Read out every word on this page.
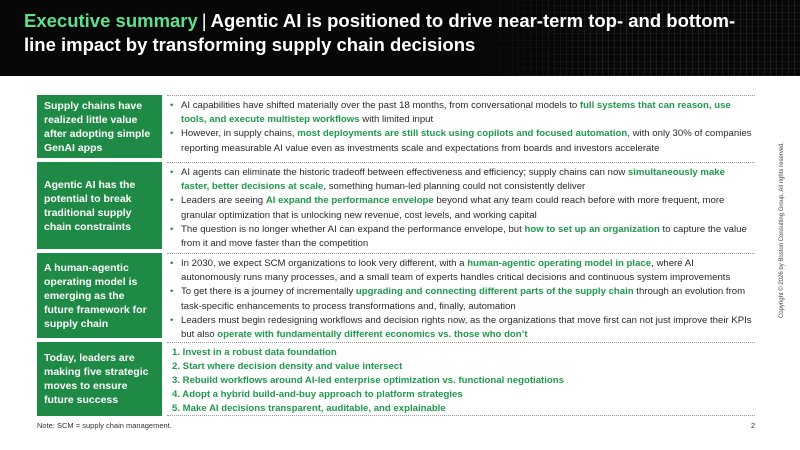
Executive summary | Agentic AI is positioned to drive near-term top- and bottom-line impact by transforming supply chain decisions
Supply chains have realized little value after adopting simple GenAI apps
• AI capabilities have shifted materially over the past 18 months, from conversational models to full systems that can reason, use tools, and execute multistep workflows with limited input
• However, in supply chains, most deployments are still stuck using copilots and focused automation, with only 30% of companies reporting measurable AI value even as investments scale and expectations from boards and investors accelerate
Agentic AI has the potential to break traditional supply chain constraints
• AI agents can eliminate the historic tradeoff between effectiveness and efficiency; supply chains can now simultaneously make faster, better decisions at scale, something human-led planning could not consistently deliver
• Leaders are seeing AI expand the performance envelope beyond what any team could reach before with more frequent, more granular optimization that is unlocking new revenue, cost levels, and working capital
• The question is no longer whether AI can expand the performance envelope, but how to set up an organization to capture the value from it and move faster than the competition
A human-agentic operating model is emerging as the future framework for supply chain
• In 2030, we expect SCM organizations to look very different, with a human-agentic operating model in place, where AI autonomously runs many processes, and a small team of experts handles critical decisions and continuous system improvements
• To get there is a journey of incrementally upgrading and connecting different parts of the supply chain through an evolution from task-specific enhancements to process transformations and, finally, automation
• Leaders must begin redesigning workflows and decision rights now, as the organizations that move first can not just improve their KPIs but also operate with fundamentally different economics vs. those who don’t
Today, leaders are making five strategic moves to ensure future success
1. Invest in a robust data foundation
2. Start where decision density and value intersect
3. Rebuild workflows around AI-led enterprise optimization vs. functional negotiations
4. Adopt a hybrid build-and-buy approach to platform strategies
5. Make AI decisions transparent, auditable, and explainable
Note: SCM = supply chain management.	2
Copyright © 2026 by Boston Consulting Group. All rights reserved.
